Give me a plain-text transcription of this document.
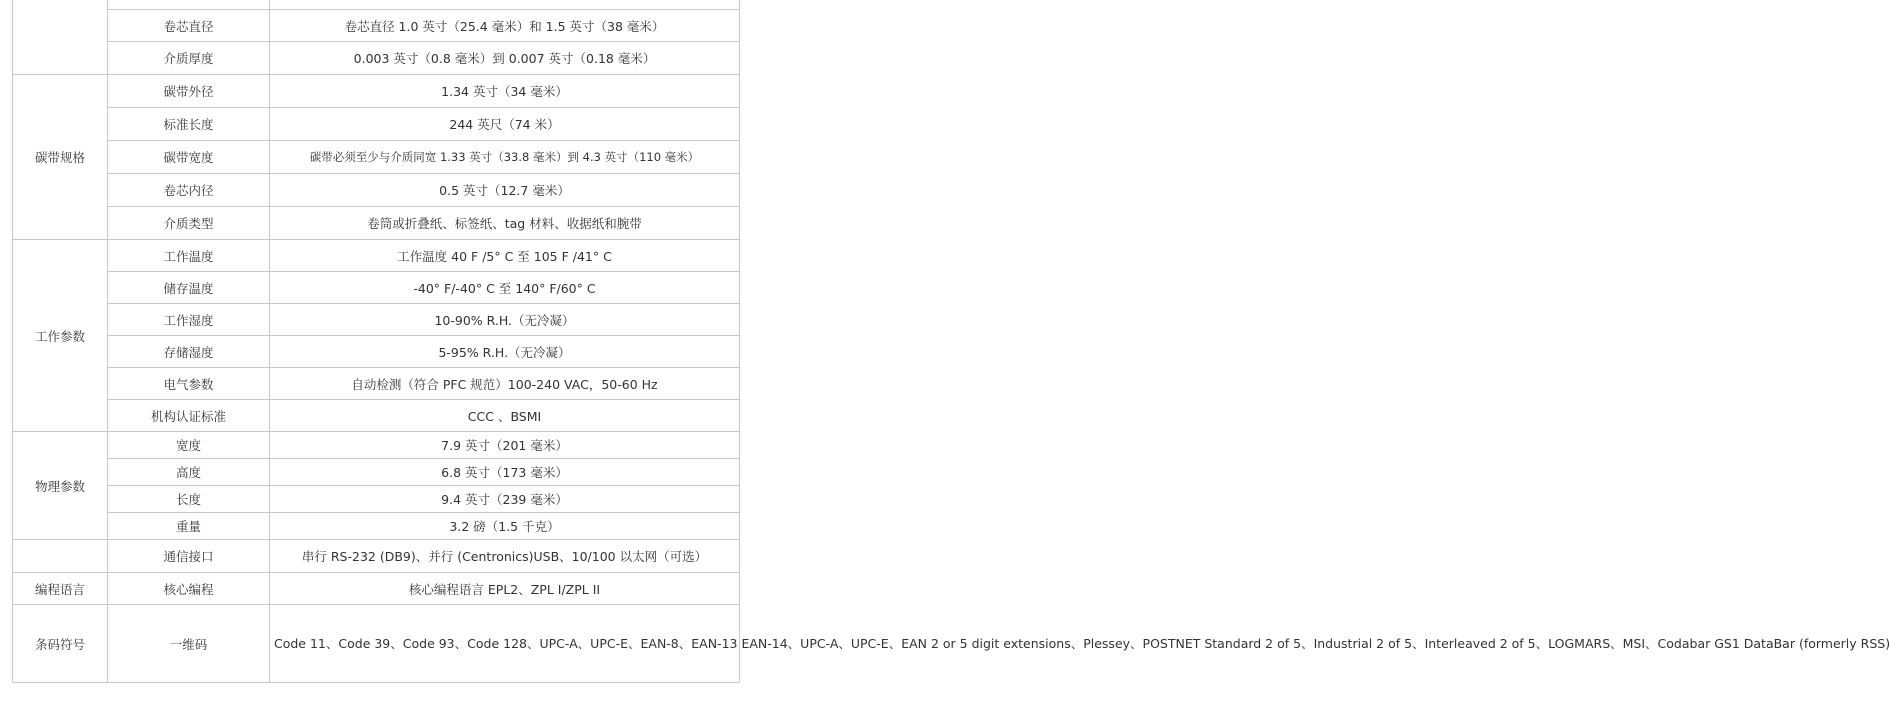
	卷芯直径	卷芯直径 1.0 英寸（25.4 毫米）和 1.5 英寸（38 毫米）
	介质厚度	0.003 英寸（0.8 毫米）到 0.007 英寸（0.18 毫米）
碳带规格	碳带外径	1.34 英寸（34 毫米）
	标准长度	244 英尺（74 米）
	碳带宽度	碳带必须至少与介质同宽 1.33 英寸（33.8 毫米）到 4.3 英寸（110 毫米）
	卷芯内径	0.5 英寸（12.7 毫米）
	介质类型	卷筒或折叠纸、标签纸、tag 材料、收据纸和腕带
工作参数	工作温度	工作温度 40 F /5° C 至 105 F /41° C
	储存温度	-40° F/-40° C 至 140° F/60° C
	工作湿度	10-90% R.H.（无冷凝）
	存储湿度	5-95% R.H.（无冷凝）
	电气参数	自动检测（符合 PFC 规范）100-240 VAC，50-60 Hz
	机构认证标准	CCC 、BSMI
物理参数	宽度	7.9 英寸（201 毫米）
	高度	6.8 英寸（173 毫米）
	长度	9.4 英寸（239 毫米）
	重量	3.2 磅（1.5 千克）
	通信接口	串行 RS-232 (DB9)、并行 (Centronics)USB、10/100 以太网（可选）
编程语言	核心编程	核心编程语言 EPL2、ZPL I/ZPL II
条码符号	一维码	Code 11、Code 39、Code 93、Code 128、UPC-A、UPC-E、EAN-8、EAN-13 EAN-14、UPC-A、UPC-E、EAN 2 or 5 digit extensions、Plessey、POSTNET Standard 2 of 5、Industrial 2 of 5、Interleaved 2 of 5、LOGMARS、MSI、Codabar GS1 DataBar (formerly RSS)
